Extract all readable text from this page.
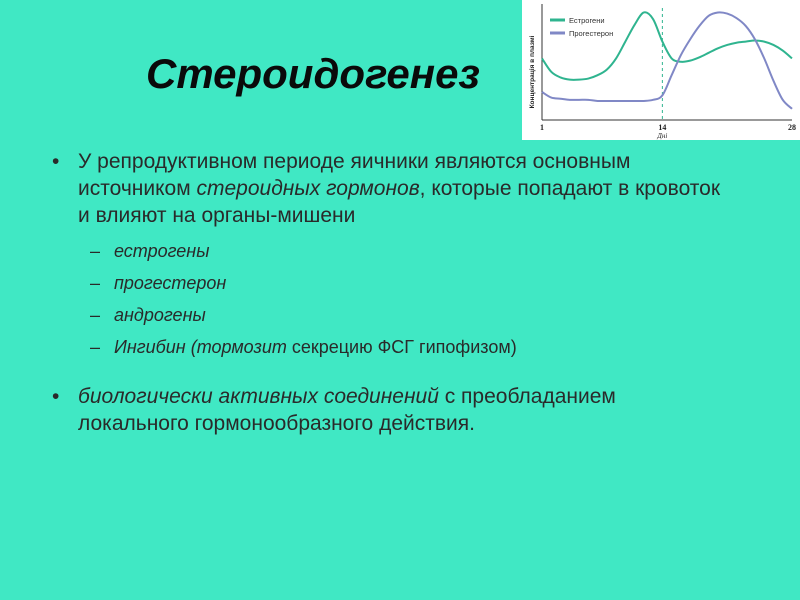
Стероидогенез
1	14	28
Дні
Концентрація в плазмі
Естрогени
Прогестерон
• У репродуктивном периоде яичники являются основным источником стероидных гормонов, которые попадают в кровоток и влияют на органы-мишени
– естрогены
– прогестерон
– андрогены
– Ингибин (тормозит секрецию ФСГ гипофизом)
• биологически активных соединений с преобладанием локального гормонообразного действия.
